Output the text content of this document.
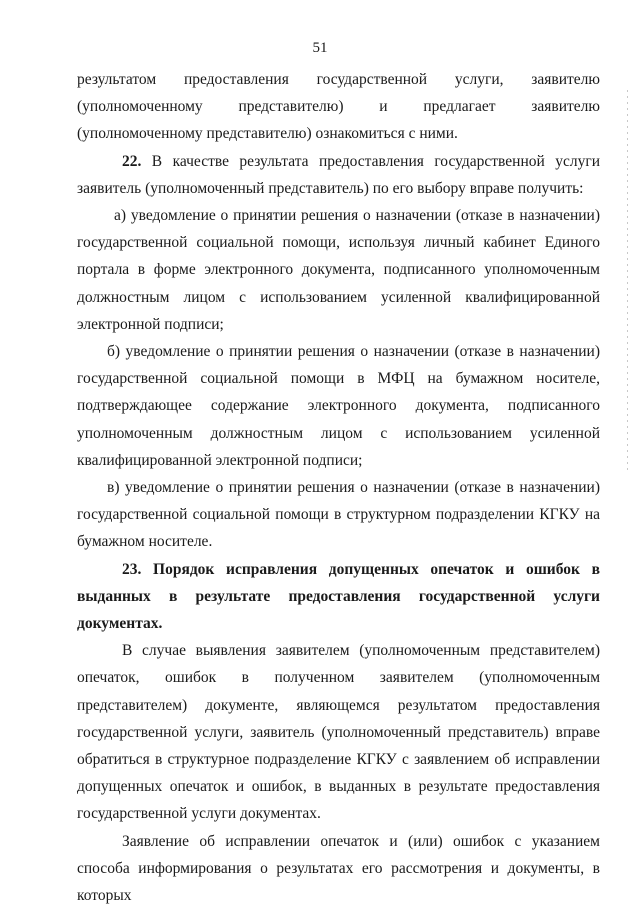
51

результатом предоставления государственной услуги, заявителю (уполномоченному представителю) и предлагает заявителю (уполномоченному представителю) ознакомиться с ними.

22. В качестве результата предоставления государственной услуги заявитель (уполномоченный представитель) по его выбору вправе получить:

а) уведомление о принятии решения о назначении (отказе в назначении) государственной социальной помощи, используя личный кабинет Единого портала в форме электронного документа, подписанного уполномоченным должностным лицом с использованием усиленной квалифицированной электронной подписи;

б) уведомление о принятии решения о назначении (отказе в назначении) государственной социальной помощи в МФЦ на бумажном носителе, подтверждающее содержание электронного документа, подписанного уполномоченным должностным лицом с использованием усиленной квалифицированной электронной подписи;

в) уведомление о принятии решения о назначении (отказе в назначении) государственной социальной помощи в структурном подразделении КГКУ на бумажном носителе.

23. Порядок исправления допущенных опечаток и ошибок в выданных в результате предоставления государственной услуги документах.

В случае выявления заявителем (уполномоченным представителем) опечаток, ошибок в полученном заявителем (уполномоченным представителем) документе, являющемся результатом предоставления государственной услуги, заявитель (уполномоченный представитель) вправе обратиться в структурное подразделение КГКУ с заявлением об исправлении допущенных опечаток и ошибок, в выданных в результате предоставления государственной услуги документах.

Заявление об исправлении опечаток и (или) ошибок с указанием способа информирования о результатах его рассмотрения и документы, в которых
